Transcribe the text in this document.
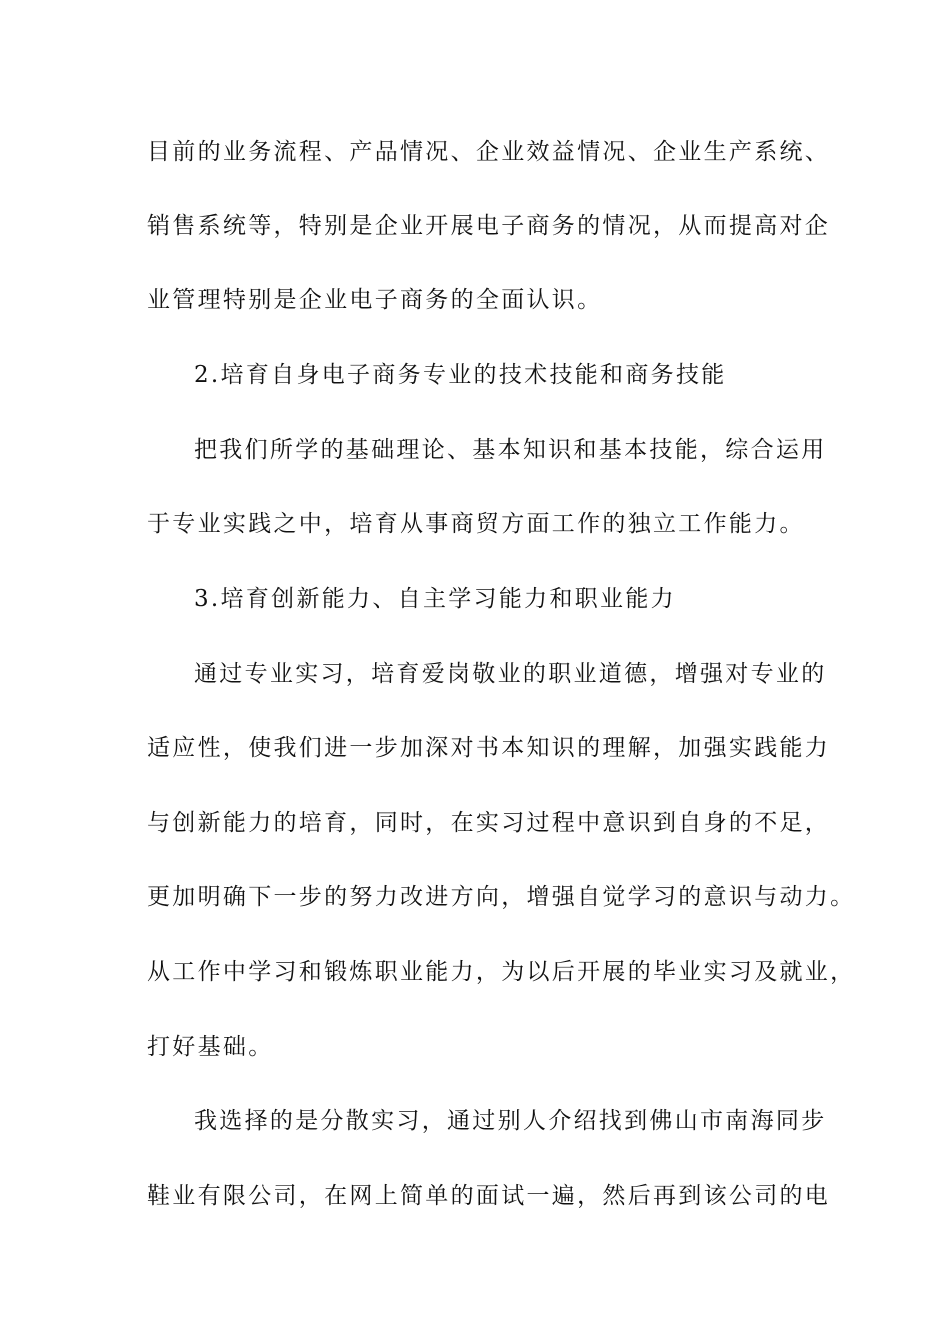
目前的业务流程、产品情况、企业效益情况、企业生产系统、
销售系统等，特别是企业开展电子商务的情况，从而提高对企
业管理特别是企业电子商务的全面认识。
2.培育自身电子商务专业的技术技能和商务技能
把我们所学的基础理论、基本知识和基本技能，综合运用
于专业实践之中，培育从事商贸方面工作的独立工作能力。
3.培育创新能力、自主学习能力和职业能力
通过专业实习，培育爱岗敬业的职业道德，增强对专业的
适应性，使我们进一步加深对书本知识的理解，加强实践能力
与创新能力的培育，同时，在实习过程中意识到自身的不足，
更加明确下一步的努力改进方向，增强自觉学习的意识与动力。
从工作中学习和锻炼职业能力，为以后开展的毕业实习及就业，
打好基础。
我选择的是分散实习，通过别人介绍找到佛山市南海同步
鞋业有限公司，在网上简单的面试一遍，然后再到该公司的电
